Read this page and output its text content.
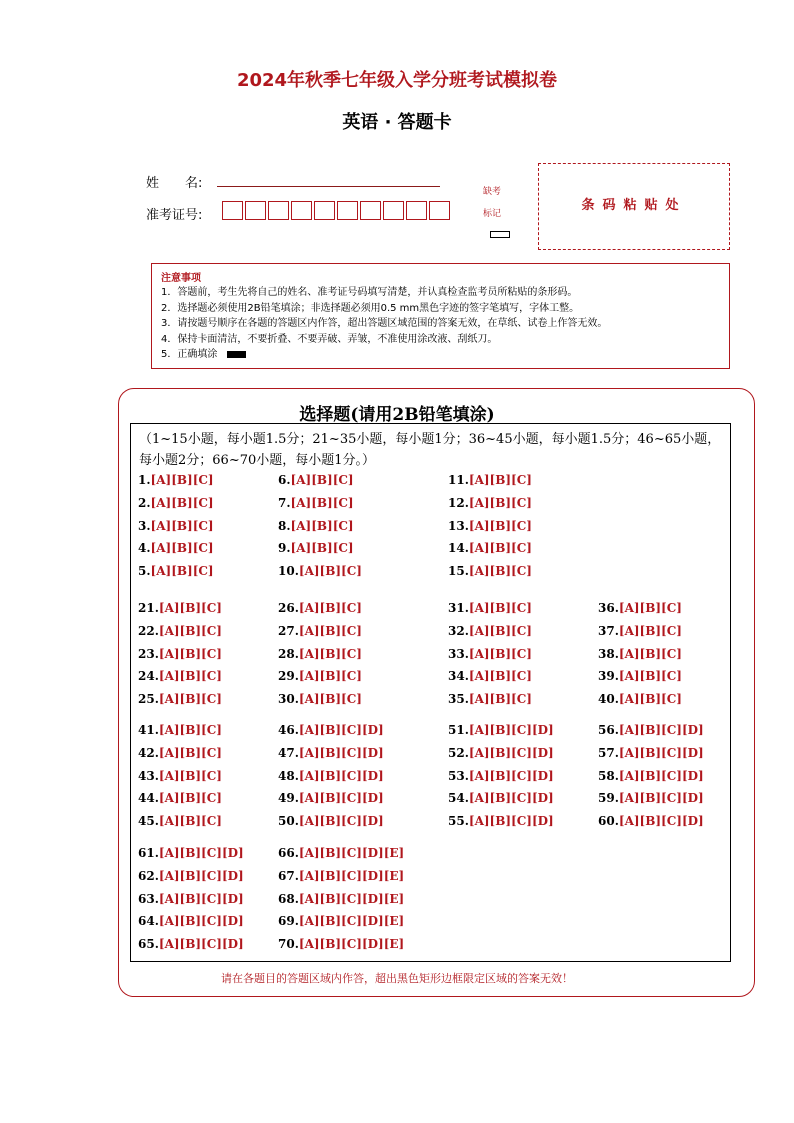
2024年秋季七年级入学分班考试模拟卷
英语 · 答题卡
姓　　名:
准考证号:
缺考
标记
条码粘贴处
注意事项
1．答题前，考生先将自己的姓名、准考证号码填写清楚，并认真检查监考员所粘贴的条形码。
2．选择题必须使用2B铅笔填涂；非选择题必须用0.5 mm黑色字迹的签字笔填写，字体工整。
3．请按题号顺序在各题的答题区内作答，超出答题区域范围的答案无效，在草纸、试卷上作答无效。
4．保持卡面清洁，不要折叠、不要弄破、弄皱，不准使用涂改液、刮纸刀。
5．正确填涂
选择题(请用2B铅笔填涂)
（1~15小题，每小题1.5分；21~35小题，每小题1分；36~45小题，每小题1.5分；46~65小题，每小题2分；66~70小题，每小题1分。）
1.[A][B][C]
2.[A][B][C]
3.[A][B][C]
4.[A][B][C]
5.[A][B][C]
6.[A][B][C]
7.[A][B][C]
8.[A][B][C]
9.[A][B][C]
10.[A][B][C]
11.[A][B][C]
12.[A][B][C]
13.[A][B][C]
14.[A][B][C]
15.[A][B][C]
21.[A][B][C]
22.[A][B][C]
23.[A][B][C]
24.[A][B][C]
25.[A][B][C]
26.[A][B][C]
27.[A][B][C]
28.[A][B][C]
29.[A][B][C]
30.[A][B][C]
31.[A][B][C]
32.[A][B][C]
33.[A][B][C]
34.[A][B][C]
35.[A][B][C]
36.[A][B][C]
37.[A][B][C]
38.[A][B][C]
39.[A][B][C]
40.[A][B][C]
41.[A][B][C]
42.[A][B][C]
43.[A][B][C]
44.[A][B][C]
45.[A][B][C]
46.[A][B][C][D]
47.[A][B][C][D]
48.[A][B][C][D]
49.[A][B][C][D]
50.[A][B][C][D]
51.[A][B][C][D]
52.[A][B][C][D]
53.[A][B][C][D]
54.[A][B][C][D]
55.[A][B][C][D]
56.[A][B][C][D]
57.[A][B][C][D]
58.[A][B][C][D]
59.[A][B][C][D]
60.[A][B][C][D]
61.[A][B][C][D]
62.[A][B][C][D]
63.[A][B][C][D]
64.[A][B][C][D]
65.[A][B][C][D]
66.[A][B][C][D][E]
67.[A][B][C][D][E]
68.[A][B][C][D][E]
69.[A][B][C][D][E]
70.[A][B][C][D][E]
请在各题目的答题区域内作答，超出黑色矩形边框限定区域的答案无效！
